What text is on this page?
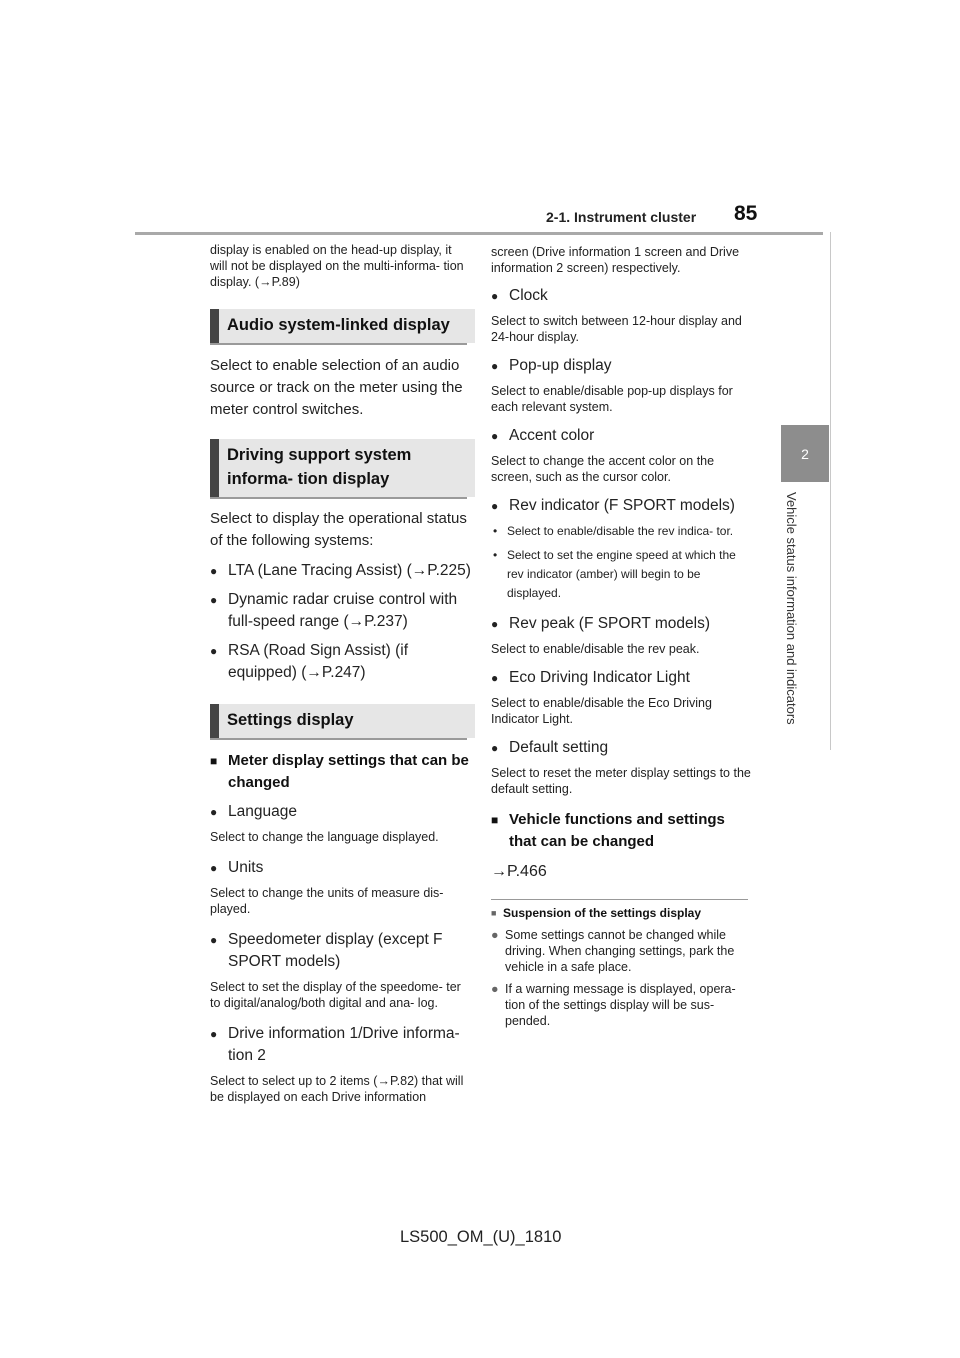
2-1. Instrument cluster 85
2
Vehicle status information and indicators
display is enabled on the head-up display, it will not be displayed on the multi-informa- tion display. (→P.89)
Audio system-linked display
Select to enable selection of an audio source or track on the meter using the meter control switches.
Driving support system informa- tion display
Select to display the operational status of the following systems:
● LTA (Lane Tracing Assist) (→P.225)
● Dynamic radar cruise control with full-speed range (→P.237)
● RSA (Road Sign Assist) (if equipped) (→P.247)
Settings display
■ Meter display settings that can be changed
● Language
Select to change the language displayed.
● Units
Select to change the units of measure dis- played.
● Speedometer display (except F SPORT models)
Select to set the display of the speedome- ter to digital/analog/both digital and ana- log.
● Drive information 1/Drive informa- tion 2
Select to select up to 2 items (→P.82) that will be displayed on each Drive information
screen (Drive information 1 screen and Drive information 2 screen) respectively.
● Clock
Select to switch between 12-hour display and 24-hour display.
● Pop-up display
Select to enable/disable pop-up displays for each relevant system.
● Accent color
Select to change the accent color on the screen, such as the cursor color.
● Rev indicator (F SPORT models)
• Select to enable/disable the rev indica- tor.
• Select to set the engine speed at which the rev indicator (amber) will begin to be displayed.
● Rev peak (F SPORT models)
Select to enable/disable the rev peak.
● Eco Driving Indicator Light
Select to enable/disable the Eco Driving Indicator Light.
● Default setting
Select to reset the meter display settings to the default setting.
■ Vehicle functions and settings that can be changed
→P.466
■ Suspension of the settings display
● Some settings cannot be changed while driving. When changing settings, park the vehicle in a safe place.
● If a warning message is displayed, opera- tion of the settings display will be sus- pended.
LS500_OM_(U)_1810
